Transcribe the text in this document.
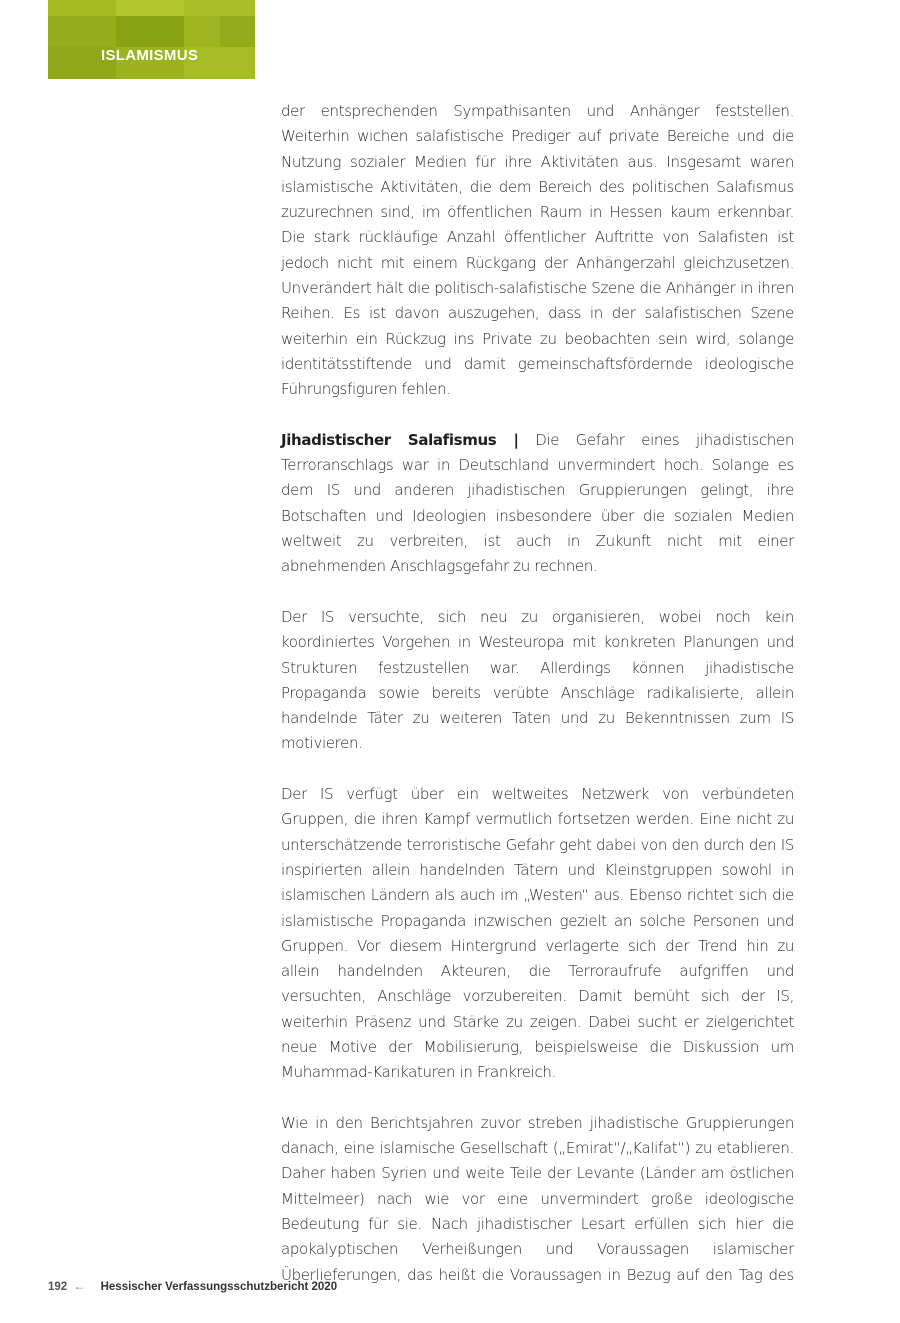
ISLAMISMUS

der entsprechenden Sympathisanten und Anhänger feststellen. Weiterhin wichen salafistische Prediger auf private Bereiche und die Nutzung sozialer Medien für ihre Aktivitäten aus. Insgesamt waren islamistische Aktivitäten, die dem Bereich des politischen Salafismus zuzurechnen sind, im öffentlichen Raum in Hessen kaum erkennbar. Die stark rückläufige Anzahl öffentlicher Auftritte von Salafisten ist jedoch nicht mit einem Rückgang der Anhängerzahl gleichzusetzen. Unverändert hält die politisch-salafistische Szene die Anhänger in ihren Reihen. Es ist davon auszugehen, dass in der salafistischen Szene weiterhin ein Rückzug ins Private zu beobachten sein wird, solange identitätsstiftende und damit gemeinschaftsfördernde ideologische Führungsfiguren fehlen.

Jihadistischer Salafismus | Die Gefahr eines jihadistischen Terroranschlags war in Deutschland unvermindert hoch. Solange es dem IS und anderen jihadistischen Gruppierungen gelingt, ihre Botschaften und Ideologien insbesondere über die sozialen Medien weltweit zu verbreiten, ist auch in Zukunft nicht mit einer abnehmenden Anschlagsgefahr zu rechnen.

Der IS versuchte, sich neu zu organisieren, wobei noch kein koordiniertes Vorgehen in Westeuropa mit konkreten Planungen und Strukturen festzustellen war. Allerdings können jihadistische Propaganda sowie bereits verübte Anschläge radikalisierte, allein handelnde Täter zu weiteren Taten und zu Bekenntnissen zum IS motivieren.

Der IS verfügt über ein weltweites Netzwerk von verbündeten Gruppen, die ihren Kampf vermutlich fortsetzen werden. Eine nicht zu unterschätzende terroristische Gefahr geht dabei von den durch den IS inspirierten allein handelnden Tätern und Kleinstgruppen sowohl in islamischen Ländern als auch im „Westen“ aus. Ebenso richtet sich die islamistische Propaganda inzwischen gezielt an solche Personen und Gruppen. Vor diesem Hintergrund verlagerte sich der Trend hin zu allein handelnden Akteuren, die Terroraufrufe aufgriffen und versuchten, Anschläge vorzubereiten. Damit bemüht sich der IS, weiterhin Präsenz und Stärke zu zeigen. Dabei sucht er zielgerichtet neue Motive der Mobilisierung, beispielsweise die Diskussion um Muhammad-Karikaturen in Frankreich.

Wie in den Berichtsjahren zuvor streben jihadistische Gruppierungen danach, eine islamische Gesellschaft („Emirat“/„Kalifat“) zu etablieren. Daher haben Syrien und weite Teile der Levante (Länder am östlichen Mittelmeer) nach wie vor eine unvermindert große ideologische Bedeutung für sie. Nach jihadistischer Lesart erfüllen sich hier die apokalyptischen Verheißungen und Voraussagen islamischer Überlieferungen, das heißt die Voraussagen in Bezug auf den Tag des

192 ← Hessischer Verfassungsschutzbericht 2020
